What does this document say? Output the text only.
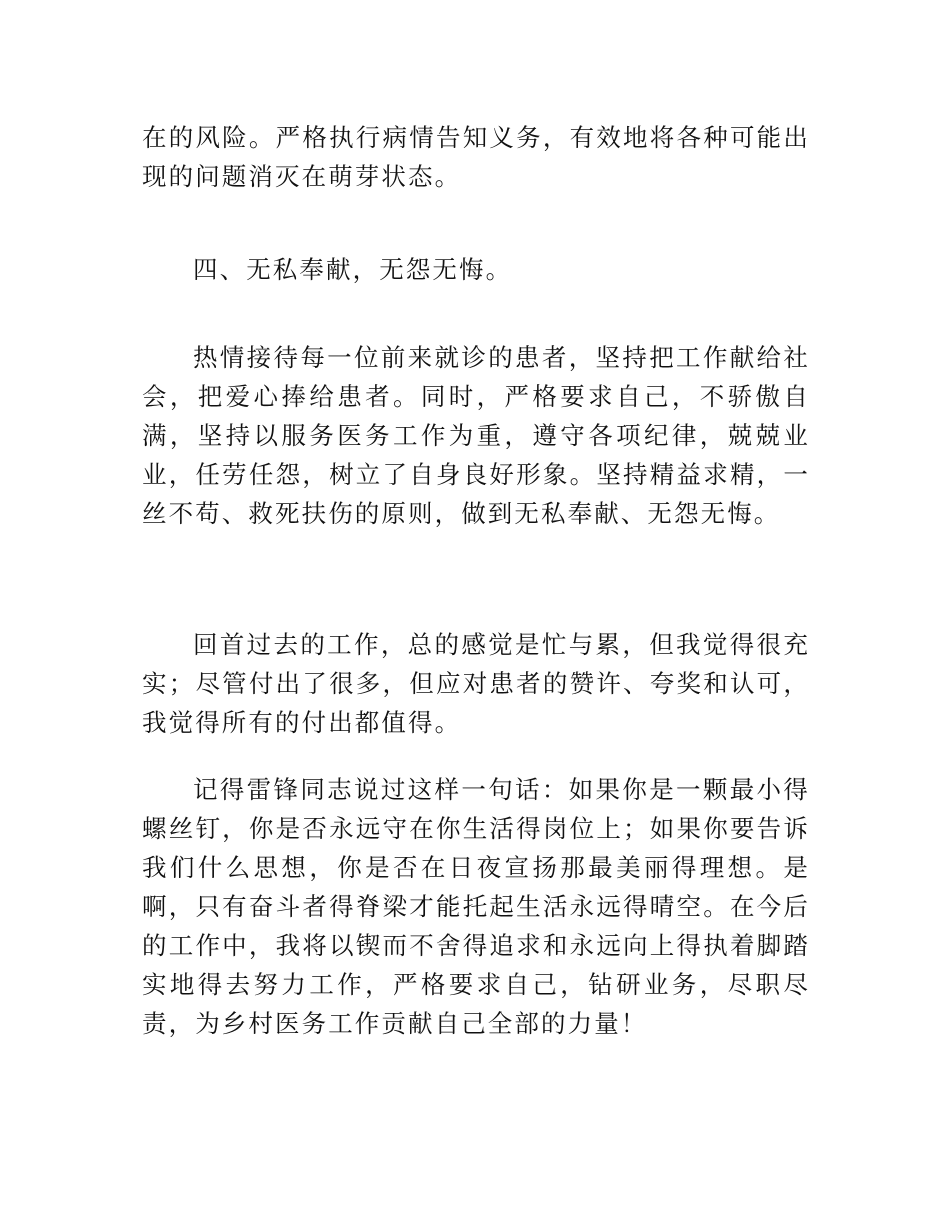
在的风险。严格执行病情告知义务，有效地将各种可能出现的问题消灭在萌芽状态。

四、无私奉献，无怨无悔。

热情接待每一位前来就诊的患者，坚持把工作献给社会，把爱心捧给患者。同时，严格要求自己，不骄傲自满，坚持以服务医务工作为重，遵守各项纪律，兢兢业业，任劳任怨，树立了自身良好形象。坚持精益求精，一丝不苟、救死扶伤的原则，做到无私奉献、无怨无悔。

回首过去的工作，总的感觉是忙与累，但我觉得很充实；尽管付出了很多，但应对患者的赞许、夸奖和认可，我觉得所有的付出都值得。

记得雷锋同志说过这样一句话：如果你是一颗最小得螺丝钉，你是否永远守在你生活得岗位上；如果你要告诉我们什么思想，你是否在日夜宣扬那最美丽得理想。是啊，只有奋斗者得脊梁才能托起生活永远得晴空。在今后的工作中，我将以锲而不舍得追求和永远向上得执着脚踏实地得去努力工作，严格要求自己，钻研业务，尽职尽责，为乡村医务工作贡献自己全部的力量！
